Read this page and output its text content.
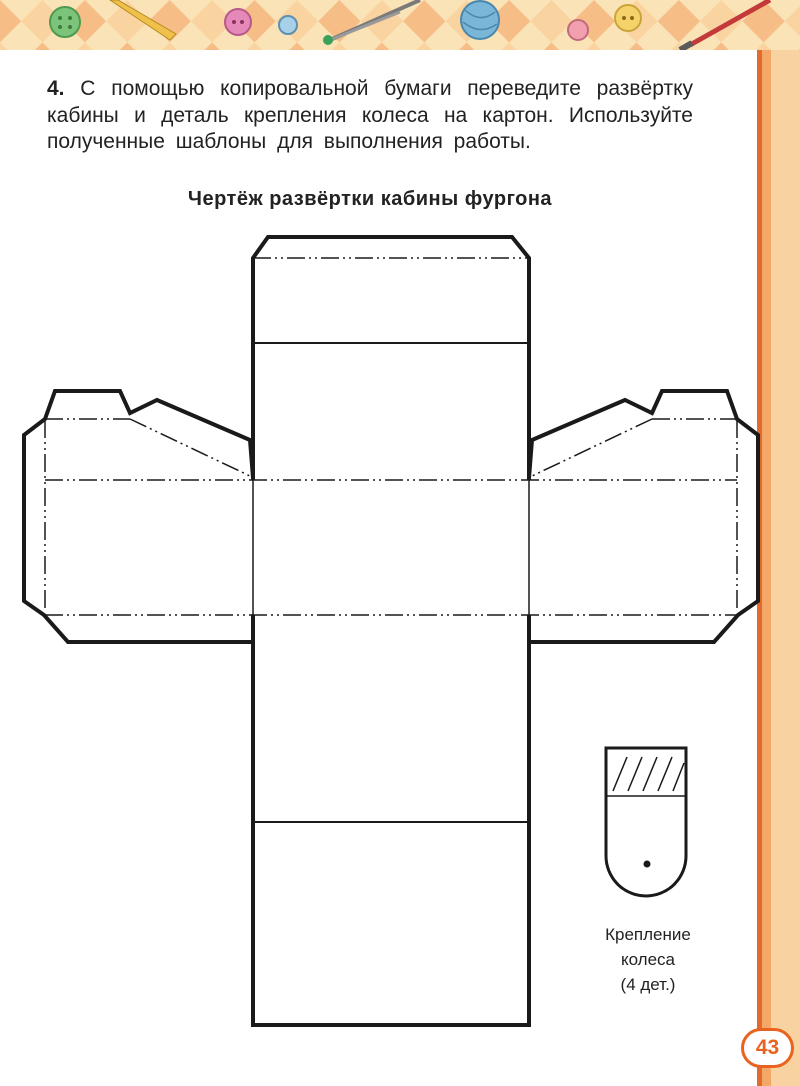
4. С помощью копировальной бумаги переведите развёртку кабины и деталь крепления колеса на картон. Используйте полученные шаблоны для выполнения работы.

Чертёж развёртки кабины фургона
Крепление
колеса
(4 дет.)
43
